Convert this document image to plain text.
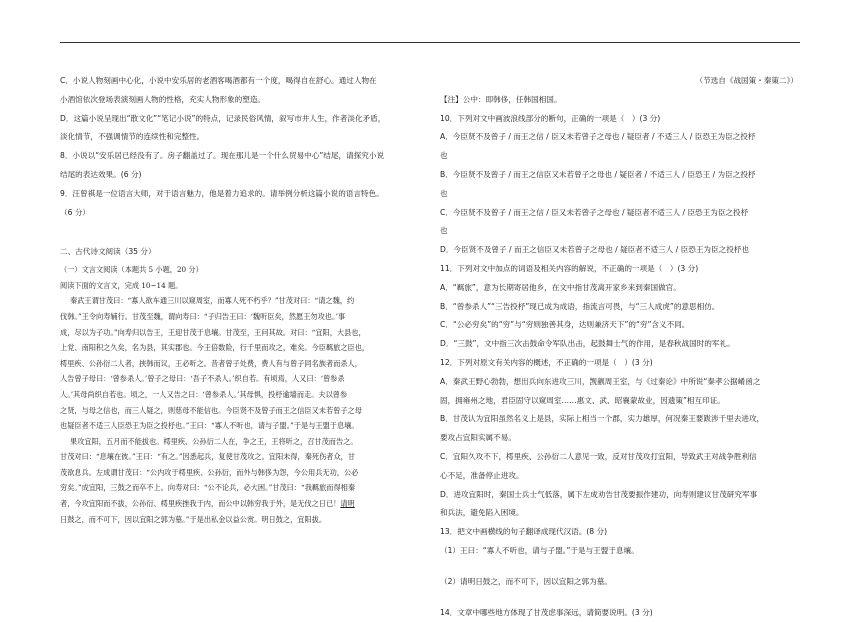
C．小说人物刻画中心化，小说中安乐居的老酒客喝酒都有一个度，喝得自在舒心。通过人物在

小酒馆依次登场表演刻画人物的性格，充实人物形象的塑造。

D．这篇小说呈现出“散文化”“笔记小说”的特点，记录民俗风情，叙写市井人生，作者淡化矛盾，

淡化情节，不强调情节的连续性和完整性。

8．小说以“安乐居已经没有了。房子翻盖过了。现在那儿是一个什么贸易中心”结尾，请探究小说

结尾的表达效果。(6 分)

9．汪曾祺是一位语言大师，对于语言魅力，他是着力追求的。请举例分析这篇小说的语言特色。

（6 分）

二、古代诗文阅读（35 分）

（一）文言文阅读（本题共 5 小题，20 分）

阅读下面的文言文，完成 10~14 题。

秦武王谓甘茂曰：“寡人欲车通三川以窥周室，而寡人死不朽乎？”甘茂对曰：“请之魏，约

伐韩。”王令向寿辅行。甘茂至魏，谓向寿曰：“子归告王曰：‘魏听臣矣，然愿王勿攻也。’事

成，尽以为子功。”向寿归以告王，王迎甘茂于息壤。甘茂至，王问其故。对曰：“宜阳，大县也，

上党、南阳积之久矣，名为县，其实郡也。今王倍数险，行千里而攻之，难矣。今臣羁旅之臣也，

樗里疾、公孙衍二人者，挟韩而议，王必听之。昔者曾子处费，费人有与曾子同名族者而杀人，

人告曾子母曰：‘曾参杀人。’曾子之母曰：‘吾子不杀人。’织自若。有顷焉，人又曰：‘曾参杀

人。’其母尚织自若也。顷之，一人又告之曰：‘曾参杀人。’其母惧，投杼逾墙而走。夫以曾参

之贤，与母之信也，而三人疑之，则慈母不能信也。今臣贤不及曾子而王之信臣又未若曾子之母

也疑臣者不适三人臣恐王为臣之投杼也。”王曰：“寡人不听也，请与子盟。”于是与王盟于息壤。

果攻宜阳，五月而不能拔也。樗里疾、公孙衍二人在，争之王，王将听之，召甘茂而告之。

甘茂对曰：“息壤在彼。”王曰：“有之。”因悉起兵，复使甘茂攻之。宜阳未得，秦死伤者众，甘

茂欲息兵。左成谓甘茂曰：“公内攻于樗里疾、公孙衍，而外与韩侈为怨，今公用兵无功，公必

穷矣。”成宜阳，三鼓之而卒不上。向寿对曰：“公不论兵，必大困。”甘茂曰：“我羁旅而得相秦

者，今攻宜阳而不拔，公孙衍、樗里疾挫我于内，而公中以韩穷我于外，是无伐之日已！请明

日鼓之，而不可下，因以宜阳之郭为墓。”于是出私金以益公赏。明日鼓之，宜阳拔。

（节选自《战国策・秦策二》）

【注】公中：即韩侈，任韩国相国。

10．下列对文中画波浪线部分的断句，正确的一项是（　）(3 分)

A．今臣贤不及曾子 / 而王之信 / 臣又未若曾子之母也 / 疑臣者 / 不适三人 / 臣恐王为臣之投杼

也

B．今臣贤不及曾子 / 而王之信臣又未若曾子之母也 / 疑臣者 / 不适三人 / 臣恐王 / 为臣之投杼

也

C．今臣贤不及曾子 / 而王之信 / 臣又未若曾子之母也 / 疑臣者不适三人 / 臣恐王为臣之投杼

也

D．今臣贤不及曾子 / 而王之信臣又未若曾子之母也 / 疑臣者不适三人 / 臣恐王为臣之投杼也

11．下列对文中加点的词语及相关内容的解说，不正确的一项是（　）(3 分)

A．“羁旅”，意为长期寄居他乡，在文中指甘茂离开家乡来到秦国做官。

B．“曾参杀人”“三告投杼”现已成为成语，指流言可畏，与“三人成虎”的意思相仿。

C．“公必穷矣”的“穷”与“穷则独善其身，达则兼济天下”的“穷”含义不同。

D．“三鼓”，文中指三次击鼓命令军队出击，起鼓舞士气的作用，是春秋战国时的军礼。

12．下列对原文有关内容的概述，不正确的一项是（　）(3 分)

A．秦武王野心勃勃，想出兵向东进攻三川，觊觎周王室，与《过秦论》中所说“秦孝公据崤函之

固，拥雍州之地，君臣固守以窥周室……惠文、武、昭襄蒙故业，因遗策”相互印证。

B．甘茂认为宜阳虽然名义上是县，实际上相当一个郡，实力雄厚，何况秦王要跋涉千里去进攻，

要攻占宜阳实属不易。

C．宜阳久攻不下，樗里疾、公孙衍二人意见一致，反对甘茂攻打宜阳，导致武王对战争胜利信

心不足，准备停止进攻。

D．进攻宜阳时，秦国士兵士气低落，属下左成劝告甘茂要振作建功，向寿则建议甘茂研究军事

和兵法，避免陷入困境。

13．把文中画横线的句子翻译成现代汉语。(8 分)

（1）王曰：“寡人不听也，请与子盟。”于是与王盟于息壤。

（2）请明日鼓之，而不可下，因以宜阳之郭为墓。

14．文章中哪些地方体现了甘茂虑事深远，请简要说明。(3 分)
